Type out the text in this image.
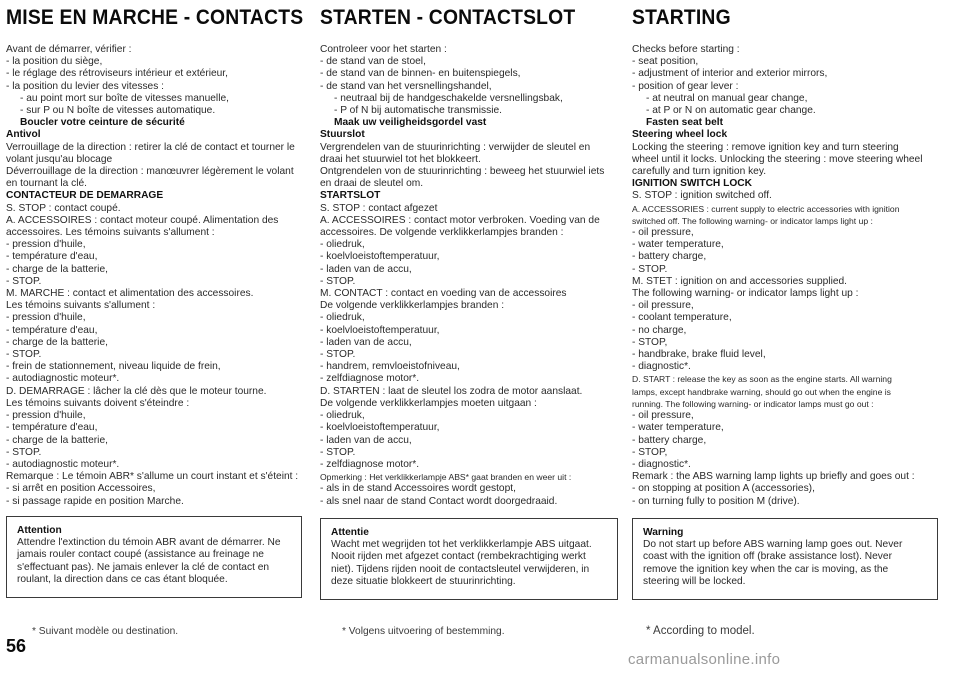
MISE EN MARCHE - CONTACTS
Avant de démarrer, vérifier :
- la position du siège,
- le réglage des rétroviseurs intérieur et extérieur,
- la position du levier des vitesses :
- au point mort sur boîte de vitesses manuelle,
- sur P ou N boîte de vitesses automatique.
Boucler votre ceinture de sécurité
Antivol
Verrouillage de la direction : retirer la clé de contact et tourner le
volant jusqu'au blocage
Déverrouillage de la direction : manœuvrer légèrement le volant
en tournant la clé.
CONTACTEUR DE DEMARRAGE
S. STOP : contact coupé.
A. ACCESSOIRES : contact moteur coupé. Alimentation des
accessoires. Les témoins suivants s'allument :
- pression d'huile,
- température d'eau,
- charge de la batterie,
- STOP.
M. MARCHE : contact et alimentation des accessoires.
Les témoins suivants s'allument :
- pression d'huile,
- température d'eau,
- charge de la batterie,
- STOP.
- frein de stationnement, niveau liquide de frein,
- autodiagnostic moteur*.
D. DEMARRAGE : lâcher la clé dès que le moteur tourne.
Les témoins suivants doivent s'éteindre :
- pression d'huile,
- température d'eau,
- charge de la batterie,
- STOP.
- autodiagnostic moteur*.
Remarque : Le témoin ABR* s'allume un court instant et s'éteint :
- si arrêt en position Accessoires,
- si passage rapide en position Marche.
Attention
Attendre l'extinction du témoin ABR avant de démarrer. Ne jamais rouler contact coupé (assistance au freinage ne s'effectuant pas). Ne jamais enlever la clé de contact en roulant, la direction dans ce cas étant bloquée.
* Suivant modèle ou destination.
56
STARTEN - CONTACTSLOT
Controleer voor het starten :
- de stand van de stoel,
- de stand van de binnen- en buitenspiegels,
- de stand van het versnellingshandel,
- neutraal bij de handgeschakelde versnellingsbak,
- P of N bij automatische transmissie.
Maak uw veiligheidsgordel vast
Stuurslot
Vergrendelen van de stuurinrichting : verwijder de sleutel en
draai het stuurwiel tot het blokkeert.
Ontgrendelen von de stuurinrichting : beweeg het stuurwiel iets
en draai de sleutel om.
STARTSLOT
S. STOP : contact afgezet
A. ACCESSOIRES : contact motor verbroken. Voeding van de
accessoires. De volgende verklikkerlampjes branden :
- oliedruk,
- koelvloeistoftemperatuur,
- laden van de accu,
- STOP.
M. CONTACT : contact en voeding van de accessoires
De volgende verklikkerlampjes branden :
- oliedruk,
- koelvloeistoftemperatuur,
- laden van de accu,
- STOP.
- handrem, remvloeistofniveau,
- zelfdiagnose motor*.
D. STARTEN : laat de sleutel los zodra de motor aanslaat.
De volgende verklikkerlampjes moeten uitgaan :
- oliedruk,
- koelvloeistoftemperatuur,
- laden van de accu,
- STOP.
- zelfdiagnose motor*.
Opmerking : Het verklikkerlampje ABS* gaat branden en weer uit :
- als in de stand Accessoires wordt gestopt,
- als snel naar de stand Contact wordt doorgedraaid.
Attentie
Wacht met wegrijden tot het verklikkerlampje ABS uitgaat. Nooit rijden met afgezet contact (rembekrachtiging werkt niet). Tijdens rijden nooit de contactsleutel verwijderen, in deze situatie blokkeert de stuurinrichting.
* Volgens uitvoering of bestemming.
STARTING
Checks before starting :
- seat position,
- adjustment of interior and exterior mirrors,
- position of gear lever :
- at neutral on manual gear change,
- at P or N on automatic gear change.
Fasten seat belt
Steering wheel lock
Locking the steering : remove ignition key and turn steering
wheel until it locks. Unlocking the steering : move steering wheel
carefully and turn ignition key.
IGNITION SWITCH LOCK
S. STOP : ignition switched off.
A. ACCESSORIES : current supply to electric accessories with ignition
switched off. The following warning- or indicator lamps light up :
- oil pressure,
- water temperature,
- battery charge,
- STOP.
M. STET : ignition on and accessories supplied.
The following warning- or indicator lamps light up :
- oil pressure,
- coolant temperature,
- no charge,
- STOP,
- handbrake, brake fluid level,
- diagnostic*.
D. START : release the key as soon as the engine starts. All warning
lamps, except handbrake warning, should go out when the engine is
running. The following warning- or indicator lamps must go out :
- oil pressure,
- water temperature,
- battery charge,
- STOP,
- diagnostic*.
Remark : the ABS warning lamp lights up briefly and goes out :
- on stopping at position A (accessories),
- on turning fully to position M (drive).
Warning
Do not start up before ABS warning lamp goes out. Never coast with the ignition off (brake assistance lost). Never remove the ignition key when the car is moving, as the steering will be locked.
* According to model.
carmanualsonline.info
